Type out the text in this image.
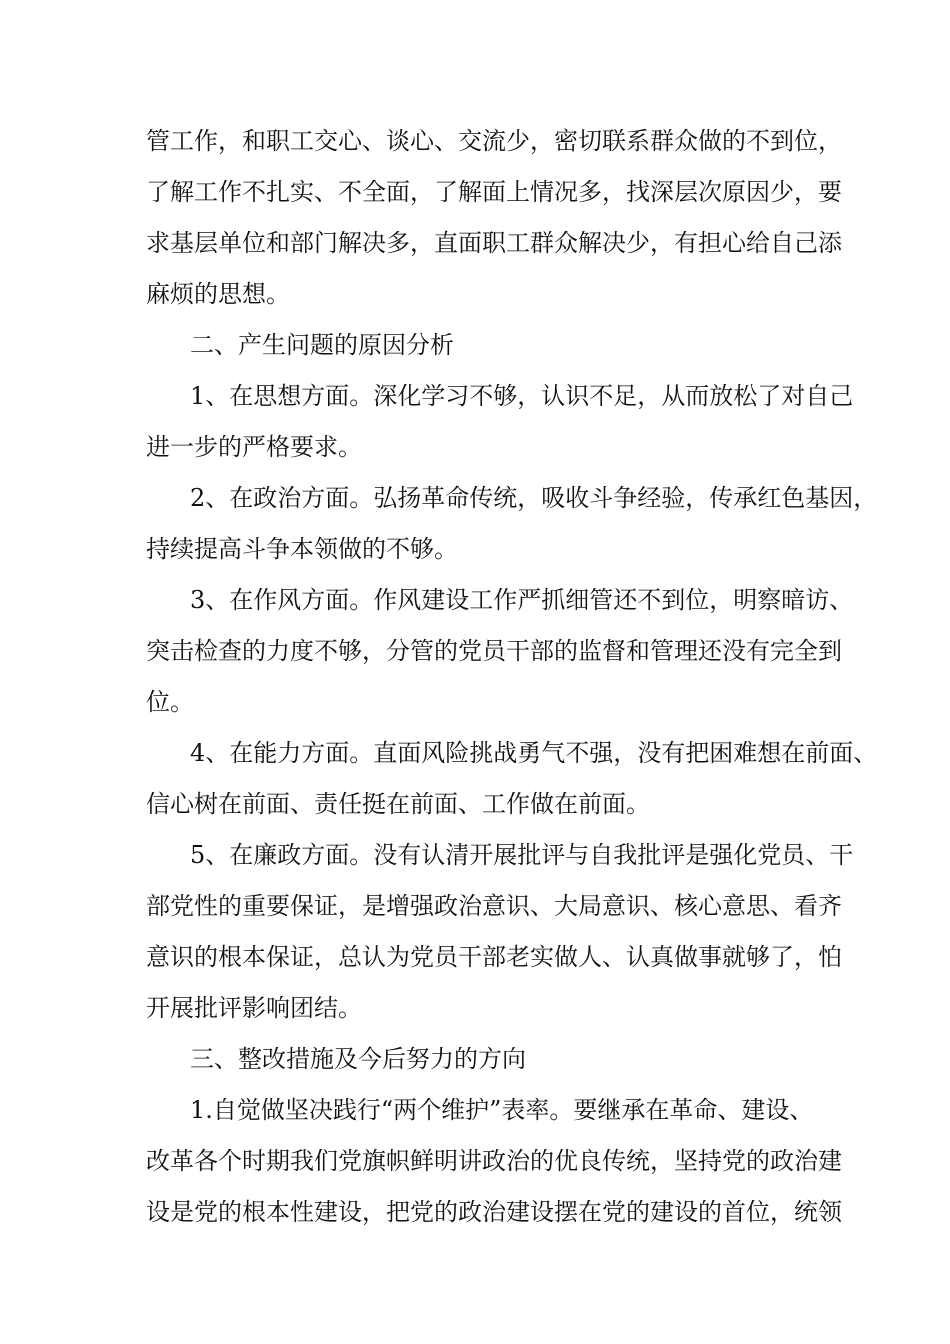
管工作，和职工交心、谈心、交流少，密切联系群众做的不到位，

了解工作不扎实、不全面，了解面上情况多，找深层次原因少，要

求基层单位和部门解决多，直面职工群众解决少，有担心给自己添

麻烦的思想。

二、产生问题的原因分析

1、在思想方面。深化学习不够，认识不足，从而放松了对自己

进一步的严格要求。

2、在政治方面。弘扬革命传统，吸收斗争经验，传承红色基因，

持续提高斗争本领做的不够。

3、在作风方面。作风建设工作严抓细管还不到位，明察暗访、

突击检查的力度不够，分管的党员干部的监督和管理还没有完全到

位。

4、在能力方面。直面风险挑战勇气不强，没有把困难想在前面、

信心树在前面、责任挺在前面、工作做在前面。

5、在廉政方面。没有认清开展批评与自我批评是强化党员、干

部党性的重要保证，是增强政治意识、大局意识、核心意思、看齐

意识的根本保证，总认为党员干部老实做人、认真做事就够了，怕

开展批评影响团结。

三、整改措施及今后努力的方向

1.自觉做坚决践行“两个维护”表率。要继承在革命、建设、

改革各个时期我们党旗帜鲜明讲政治的优良传统，坚持党的政治建

设是党的根本性建设，把党的政治建设摆在党的建设的首位，统领
